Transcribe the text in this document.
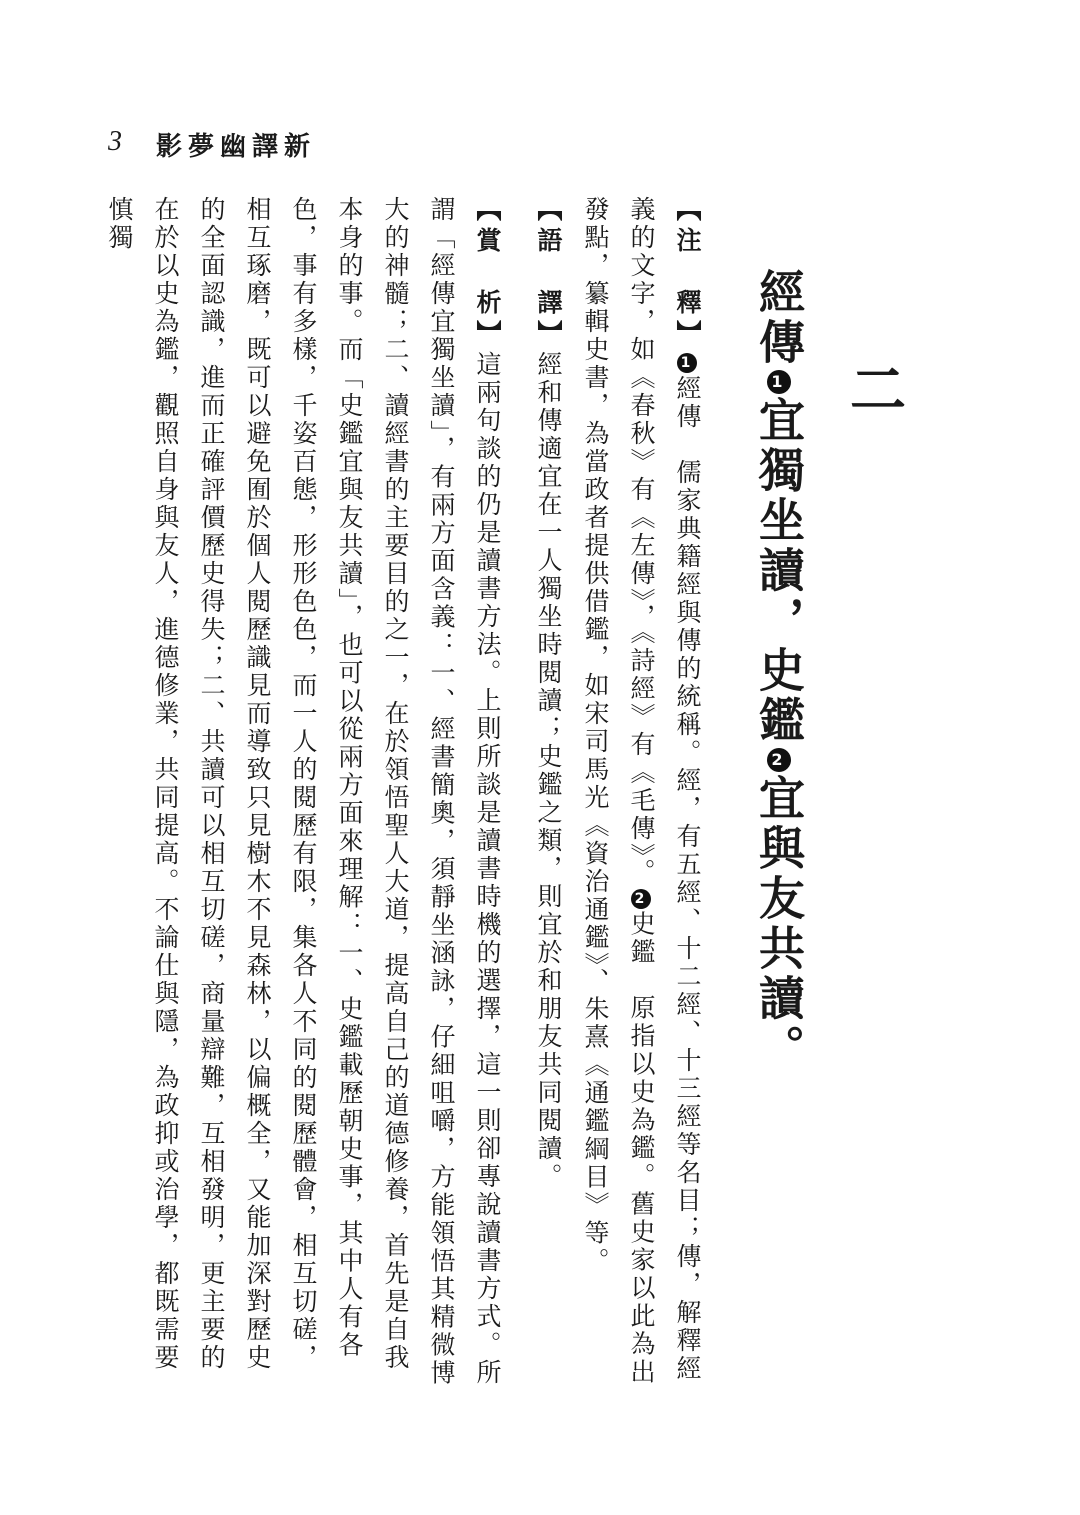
3 新譯幽夢影
二
經傳1宜獨坐讀，史鑑2宜與友共讀。
【注　釋】1經傳　儒家典籍經與傳的統稱。經，有五經、十二經、十三經等名目；傳，解釋經義的文字，如《春秋》有《左傳》，《詩經》有《毛傳》。2史鑑　原指以史為鑑。舊史家以此為出發點，纂輯史書，為當政者提供借鑑，如宋司馬光《資治通鑑》、朱熹《通鑑綱目》等。
【語　譯】經和傳適宜在一人獨坐時閱讀；史鑑之類，則宜於和朋友共同閱讀。
【賞　析】這兩句談的仍是讀書方法。上則所談是讀書時機的選擇，這一則卻專說讀書方式。所謂「經傳宜獨坐讀」，有兩方面含義：一、經書簡奧，須靜坐涵詠，仔細咀嚼，方能領悟其精微博大的神髓；二、讀經書的主要目的之一，在於領悟聖人大道，提高自己的道德修養，首先是自我本身的事。而「史鑑宜與友共讀」，也可以從兩方面來理解：一、史鑑載歷朝史事，其中人有各色，事有多樣，千姿百態，形形色色，而一人的閱歷有限，集各人不同的閱歷體會，相互切磋，相互琢磨，既可以避免囿於個人閱歷識見而導致只見樹木不見森林，以偏概全，又能加深對歷史的全面認識，進而正確評價歷史得失；二、共讀可以相互切磋，商量辯難，互相發明，更主要的在於以史為鑑，觀照自身與友人，進德修業，共同提高。不論仕與隱，為政抑或治學，都既需要慎獨
